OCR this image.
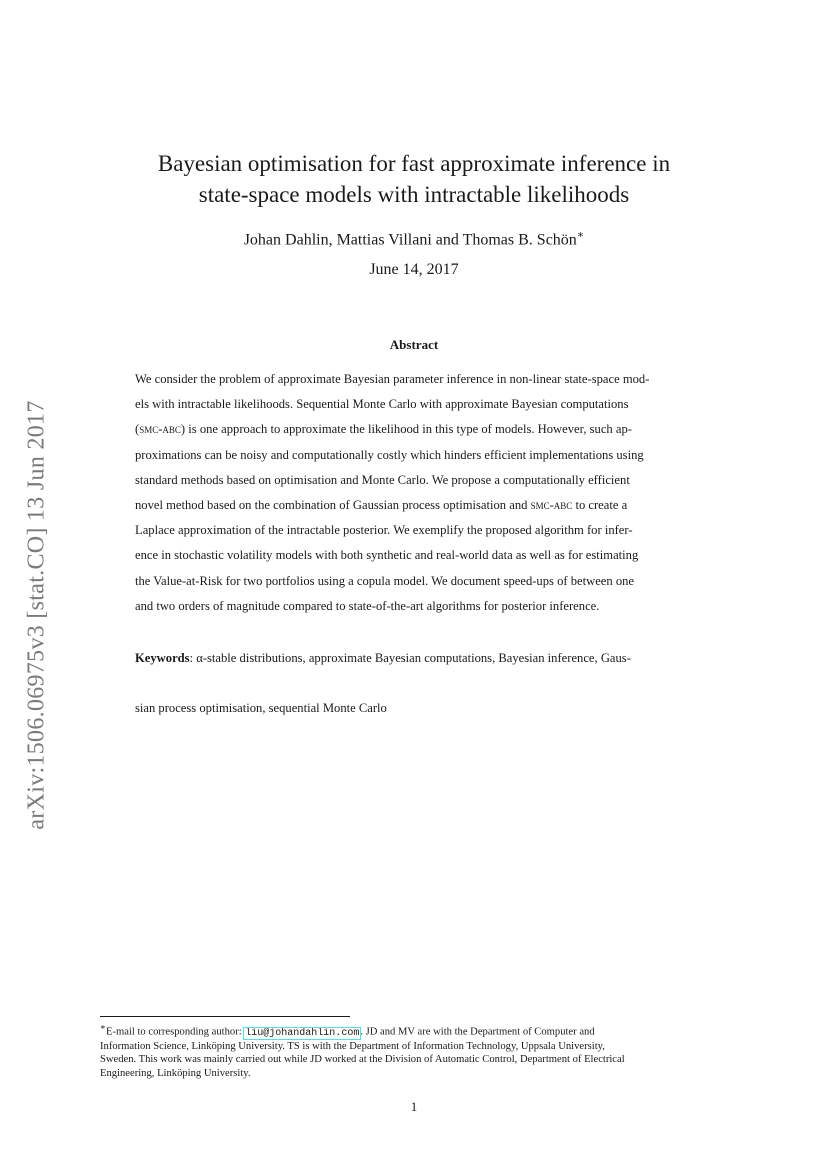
arXiv:1506.06975v3 [stat.CO] 13 Jun 2017
Bayesian optimisation for fast approximate inference in
state-space models with intractable likelihoods
Johan Dahlin, Mattias Villani and Thomas B. Schön∗
June 14, 2017
Abstract

We consider the problem of approximate Bayesian parameter inference in non-linear state-space mod-
els with intractable likelihoods. Sequential Monte Carlo with approximate Bayesian computations
(smc-abc) is one approach to approximate the likelihood in this type of models. However, such ap-
proximations can be noisy and computationally costly which hinders efficient implementations using
standard methods based on optimisation and Monte Carlo. We propose a computationally efficient
novel method based on the combination of Gaussian process optimisation and smc-abc to create a
Laplace approximation of the intractable posterior. We exemplify the proposed algorithm for infer-
ence in stochastic volatility models with both synthetic and real-world data as well as for estimating
the Value-at-Risk for two portfolios using a copula model. We document speed-ups of between one
and two orders of magnitude compared to state-of-the-art algorithms for posterior inference.

Keywords: α-stable distributions, approximate Bayesian computations, Bayesian inference, Gaus-

sian process optimisation, sequential Monte Carlo

∗E-mail to corresponding author: liu@johandahlin.com. JD and MV are with the Department of Computer and
Information Science, Linköping University. TS is with the Department of Information Technology, Uppsala University,
Sweden. This work was mainly carried out while JD worked at the Division of Automatic Control, Department of Electrical
Engineering, Linköping University.

1
